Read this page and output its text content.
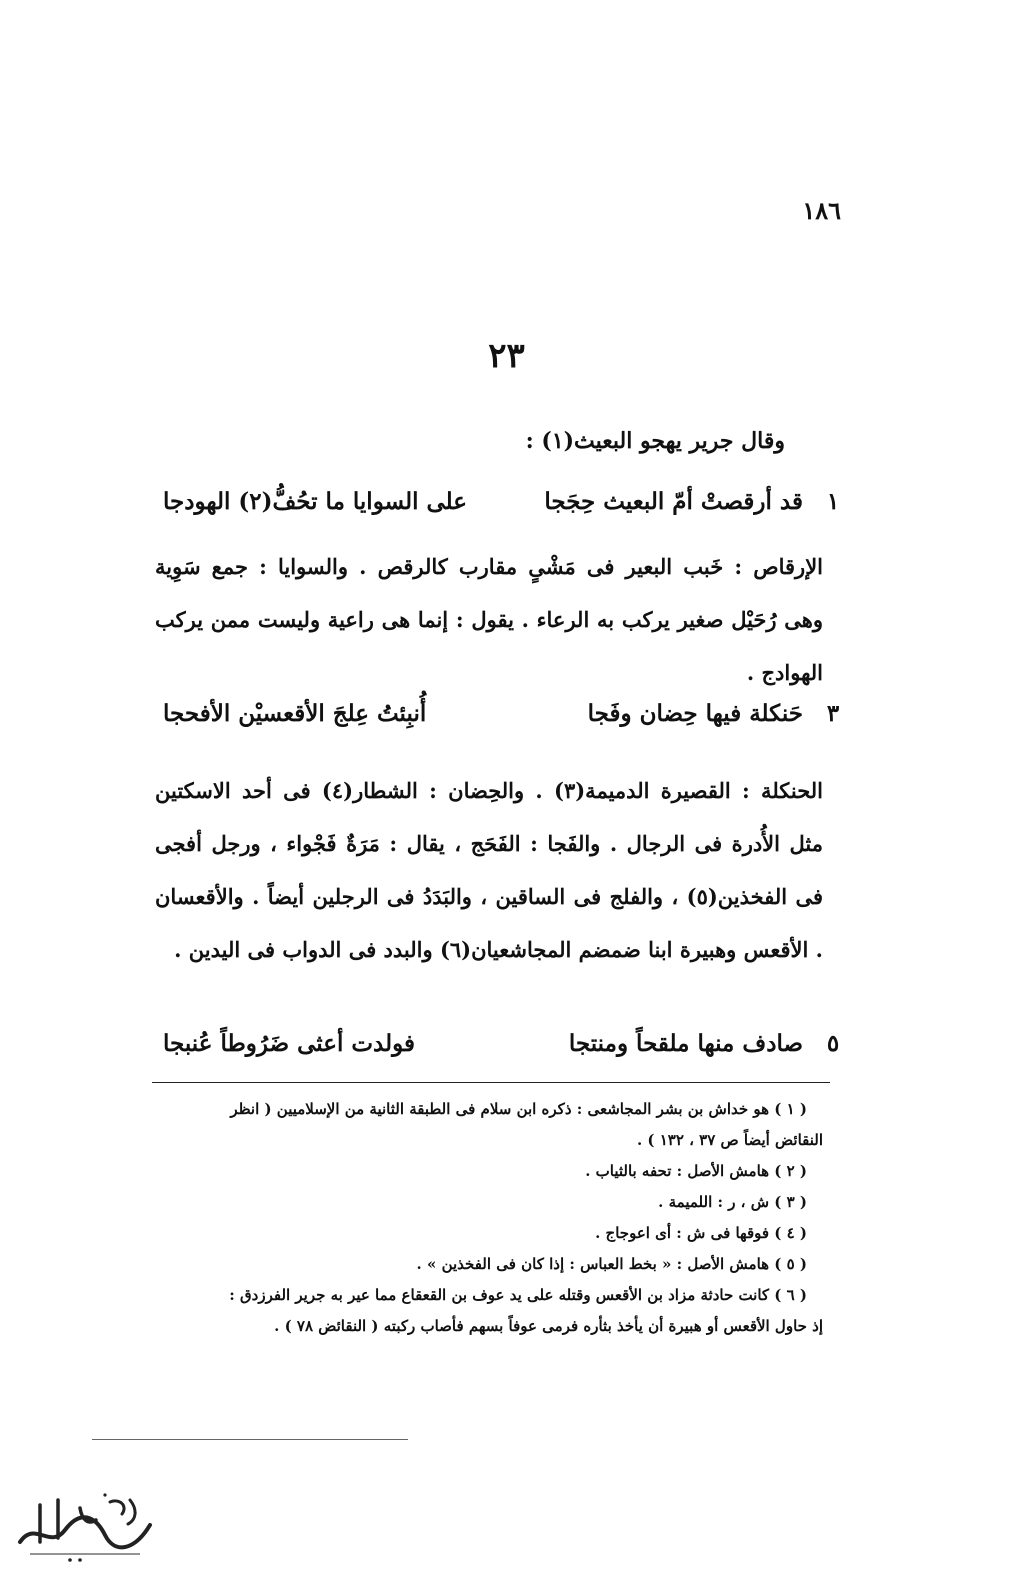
١٨٦
٢٣
وقال جرير يهجو البعيث(١) :
١
قد أرقصتْ أمّ البعيث حِجَجا
على السوايا ما تحُفُّ(٢) الهودجا
الإرقاص : خَبب البعير فى مَشْىٍ مقارب كالرقص . والسوايا : جمع سَوِية وهى رُحَيْل صغير يركب به الرعاء . يقول : إنما هى راعية وليست ممن يركب الهوادج .
٣
حَنكلة فيها حِضان وفَجا
أُنبِئتُ عِلجَ الأقعسيْن الأفحجا
الحنكلة : القصيرة الدميمة(٣) . والحِضان : الشطار(٤) فى أحد الاسكتين مثل الأُدرة فى الرجال . والفَجا : الفَحَج ، يقال : مَرَةٌ فَجْواء ، ورجل أفجى فى الفخذين(٥) ، والفلج فى الساقين ، والبَدَدُ فى الرجلين أيضاً . والأقعسان . الأقعس وهبيرة ابنا ضمضم المجاشعيان(٦) والبدد فى الدواب فى اليدين .
٥
صادف منها ملقحاً ومنتجا
فولدت أعثى ضَرُوطاً عُنبجا
( ١ ) هو خداش بن بشر المجاشعى : ذكره ابن سلام فى الطبقة الثانية من الإسلاميين ( انظر
النقائض أيضاً ص ٣٧ ، ١٣٢ ) .
( ٢ ) هامش الأصل : تحفه بالثياب .
( ٣ ) ش ، ر : اللميمة .
( ٤ ) فوقها فى ش : أى اعوجاج .
( ٥ ) هامش الأصل : « بخط العباس : إذا كان فى الفخذين » .
( ٦ ) كانت حادثة مزاد بن الأقعس وقتله على يد عوف بن القعقاع مما عير به جرير الفرزدق :
إذ حاول الأقعس أو هبيرة أن يأخذ بثأره فرمى عوفاً بسهم فأصاب ركبته ( النقائض ٧٨ ) .
